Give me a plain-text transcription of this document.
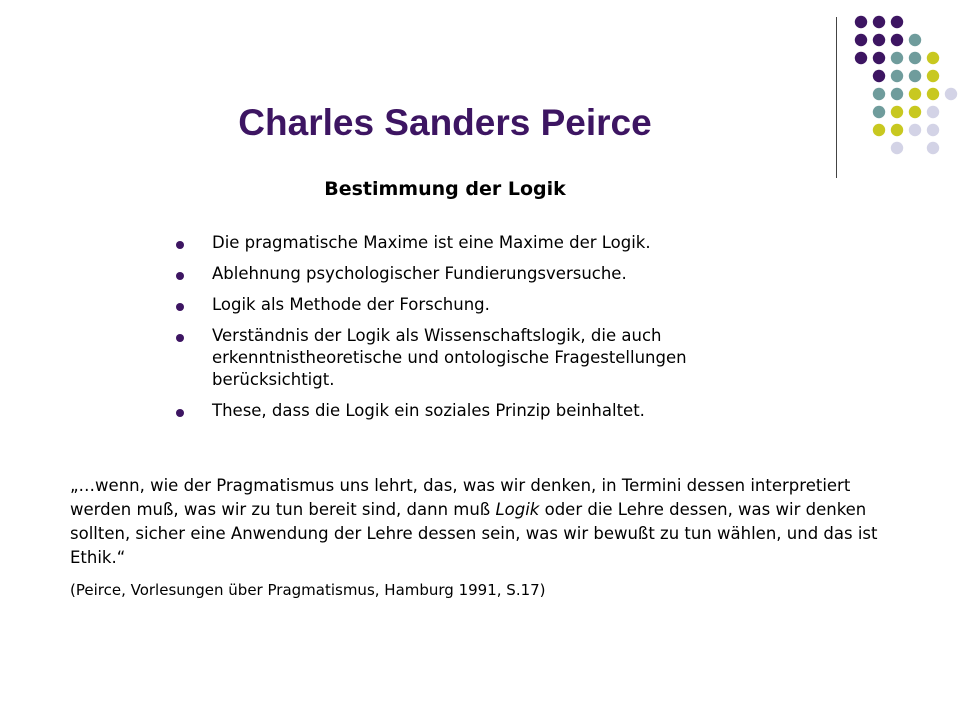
Charles Sanders Peirce
Bestimmung der Logik
Die pragmatische Maxime ist eine Maxime der Logik.
Ablehnung psychologischer Fundierungsversuche.
Logik als Methode der Forschung.
Verständnis der Logik als Wissenschaftslogik, die auch erkenntnistheoretische und ontologische Fragestellungen berücksichtigt.
These, dass die Logik ein soziales Prinzip beinhaltet.

„…wenn, wie der Pragmatismus uns lehrt, das, was wir denken, in Termini dessen interpretiert werden muß, was wir zu tun bereit sind, dann muß Logik oder die Lehre dessen, was wir denken sollten, sicher eine Anwendung der Lehre dessen sein, was wir bewußt zu tun wählen, und das ist Ethik.“

(Peirce, Vorlesungen über Pragmatismus, Hamburg 1991, S.17)
